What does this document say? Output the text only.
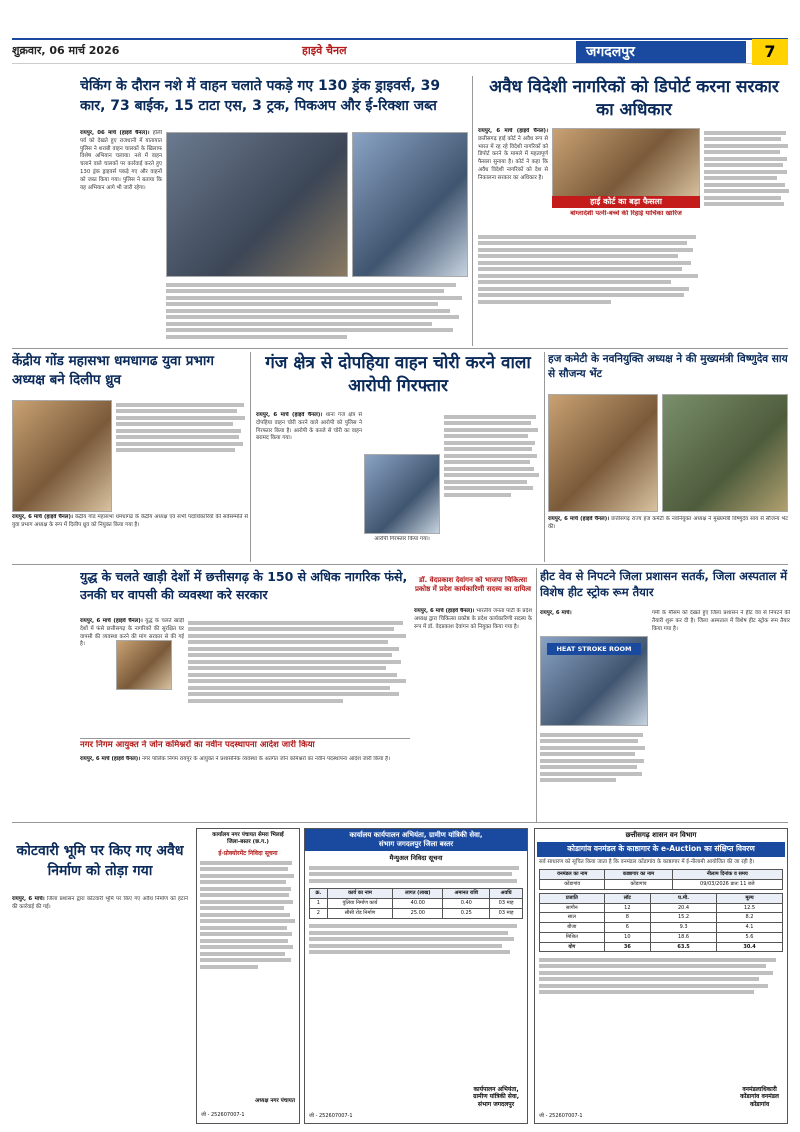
शुक्रवार, 06 मार्च 2026	हाइवे चैनल	जगदलपुर	7
चेकिंग के दौरान नशे में वाहन चलाते पकड़े गए 130 ड्रंक ड्राइवर्स, 39 कार, 73 बाईक, 15 टाटा एस, 3 ट्रक, पिकअप और ई-रिक्शा जब्त
रायपुर, 06 मार्च (हाइवे चैनल)। होली पर्व को देखते हुए राजधानी में यातायात पुलिस ने शराबी वाहन चालकों के खिलाफ विशेष अभियान चलाया। नशे में वाहन चलाने वाले चालकों पर कार्रवाई करते हुए 130 ड्रंक ड्राइवर्स पकड़े गए और वाहनों को जब्त किया गया। पुलिस ने बताया कि यह अभियान आगे भी जारी रहेगा।
अवैध विदेशी नागरिकों को डिपोर्ट करना सरकार का अधिकार
रायपुर, 6 मार्च (हाइवे चैनल)। छत्तीसगढ़ हाई कोर्ट ने अवैध रूप से भारत में रह रहे विदेशी नागरिकों को डिपोर्ट करने के मामले में महत्वपूर्ण फैसला सुनाया है। कोर्ट ने कहा कि अवैध विदेशी नागरिकों को देश से निकालना सरकार का अधिकार है।
हाई कोर्ट का बड़ा फैसला
बांग्लादेशी पत्नी-बच्चे की रिहाई याचिका खारिज
केंद्रीय गोंड महासभा धमधागढ युवा प्रभाग अध्यक्ष बने दिलीप ध्रुव
रायपुर, 6 मार्च (हाइवे चैनल)। केंद्रीय गोंड महासभा धमधागढ के केंद्रीय अध्यक्ष एवं सभी पदाधिकारियों की सर्वसम्मति से युवा प्रभाग अध्यक्ष के रूप में दिलीप ध्रुव को नियुक्त किया गया है।
गंज क्षेत्र से दोपहिया वाहन चोरी करने वाला आरोपी गिरफ्तार
रायपुर, 6 मार्च (हाइवे चैनल)। थाना गंज क्षेत्र से दोपहिया वाहन चोरी करने वाले आरोपी को पुलिस ने गिरफ्तार किया है। आरोपी के कब्जे से चोरी का वाहन बरामद किया गया।
आरोपी गिरफ्तार किया गया।
हज कमेटी के नवनियुक्ति अध्यक्ष ने की मुख्यमंत्री विष्णुदेव साय से सौजन्य भेंट
रायपुर, 6 मार्च (हाइवे चैनल)। छत्तीसगढ़ राज्य हज कमेटी के नवनियुक्त अध्यक्ष ने मुख्यमंत्री विष्णुदेव साय से सौजन्य भेंट की।
युद्ध के चलते खाड़ी देशों में छत्तीसगढ़ के 150 से अधिक नागरिक फंसे, उनकी घर वापसी की व्यवस्था करे सरकार
रायपुर, 6 मार्च (हाइवे चैनल)। युद्ध के चलते खाड़ी देशों में फंसे छत्तीसगढ़ के नागरिकों की सुरक्षित घर वापसी की व्यवस्था करने की मांग सरकार से की गई है।
नगर निगम आयुक्त ने जोन कमिश्नरों का नवीन पदस्थापना आदेश जारी किया
रायपुर, 6 मार्च (हाइवे चैनल)। नगर पालिक निगम रायपुर के आयुक्त ने प्रशासनिक व्यवस्था के अंतर्गत जोन कमिश्नरों का नवीन पदस्थापना आदेश जारी किया है।
डॉ. वेदप्रकाश देवांगन को भाजपा चिकित्सा प्रकोष्ठ में प्रदेश कार्यकारिणी सदस्य का दायित्व
रायपुर, 6 मार्च (हाइवे चैनल)। भारतीय जनता पार्टी के प्रदेश अध्यक्ष द्वारा चिकित्सा प्रकोष्ठ के प्रदेश कार्यकारिणी सदस्य के रूप में डॉ. वेदप्रकाश देवांगन को नियुक्त किया गया है।
हीट वेव से निपटने जिला प्रशासन सतर्क, जिला अस्पताल में विशेष हीट स्ट्रोक रूम तैयार
रायपुर, 6 मार्च।
HEAT STROKE ROOM
गर्मी के मौसम को देखते हुए जिला प्रशासन ने हीट वेव से निपटने की तैयारी शुरू कर दी है। जिला अस्पताल में विशेष हीट स्ट्रोक रूम तैयार किया गया है।
कोटवारी भूमि पर किए गए अवैध निर्माण को तोड़ा गया
रायपुर, 6 मार्च। जिला प्रशासन द्वारा कोटवारी भूमि पर किए गए अवैध निर्माण को हटाने की कार्रवाई की गई।
कार्यालय नगर पंचायत सेमरा भिलाई
जिला-बस्तर (छ.ग.)
ई-प्रोक्योरमेंट निविदा सूचना
अध्यक्ष नगर पंचायत
जी - 252607007-1
कार्यालय कार्यपालन अभियंता, ग्रामीण यांत्रिकी सेवा,
संभाग जगदलपुर जिला बस्तर
मैन्युअल निविदा सूचना
क्र.	कार्य का नाम	लागत (लाख)	अमानत राशि	अवधि
1	पुलिया निर्माण कार्य	40.00	0.40	03 माह
2	सीसी रोड निर्माण	25.00	0.25	03 माह
कार्यपालन अभियंता,
ग्रामीण यांत्रिकी सेवा,
संभाग जगदलपुर
जी - 252607007-1
छत्तीसगढ़ शासन वन विभाग
कोडागांव वनमंडल के काष्ठागार के e-Auction का संक्षिप्त विवरण
सर्व साधारण को सूचित किया जाता है कि वनमंडल कोंडागांव के काष्ठागार में ई-नीलामी आयोजित की जा रही है।
वनमंडल का नाम	काष्ठागार का नाम	नीलाम दिनांक व समय
कोंडागांव	कोंडागांव	09/03/2026 प्रातः 11 बजे
प्रजाति	लॉट	घ.मी.	मूल्य
सागौन	12	20.4	12.5
साल	8	15.2	8.2
बीजा	6	9.3	4.1
मिश्रित	10	18.6	5.6
योग	36	63.5	30.4
वनमंडलाधिकारी
कोंडागांव वनमंडल
कोंडागांव
जी - 252607007-1
